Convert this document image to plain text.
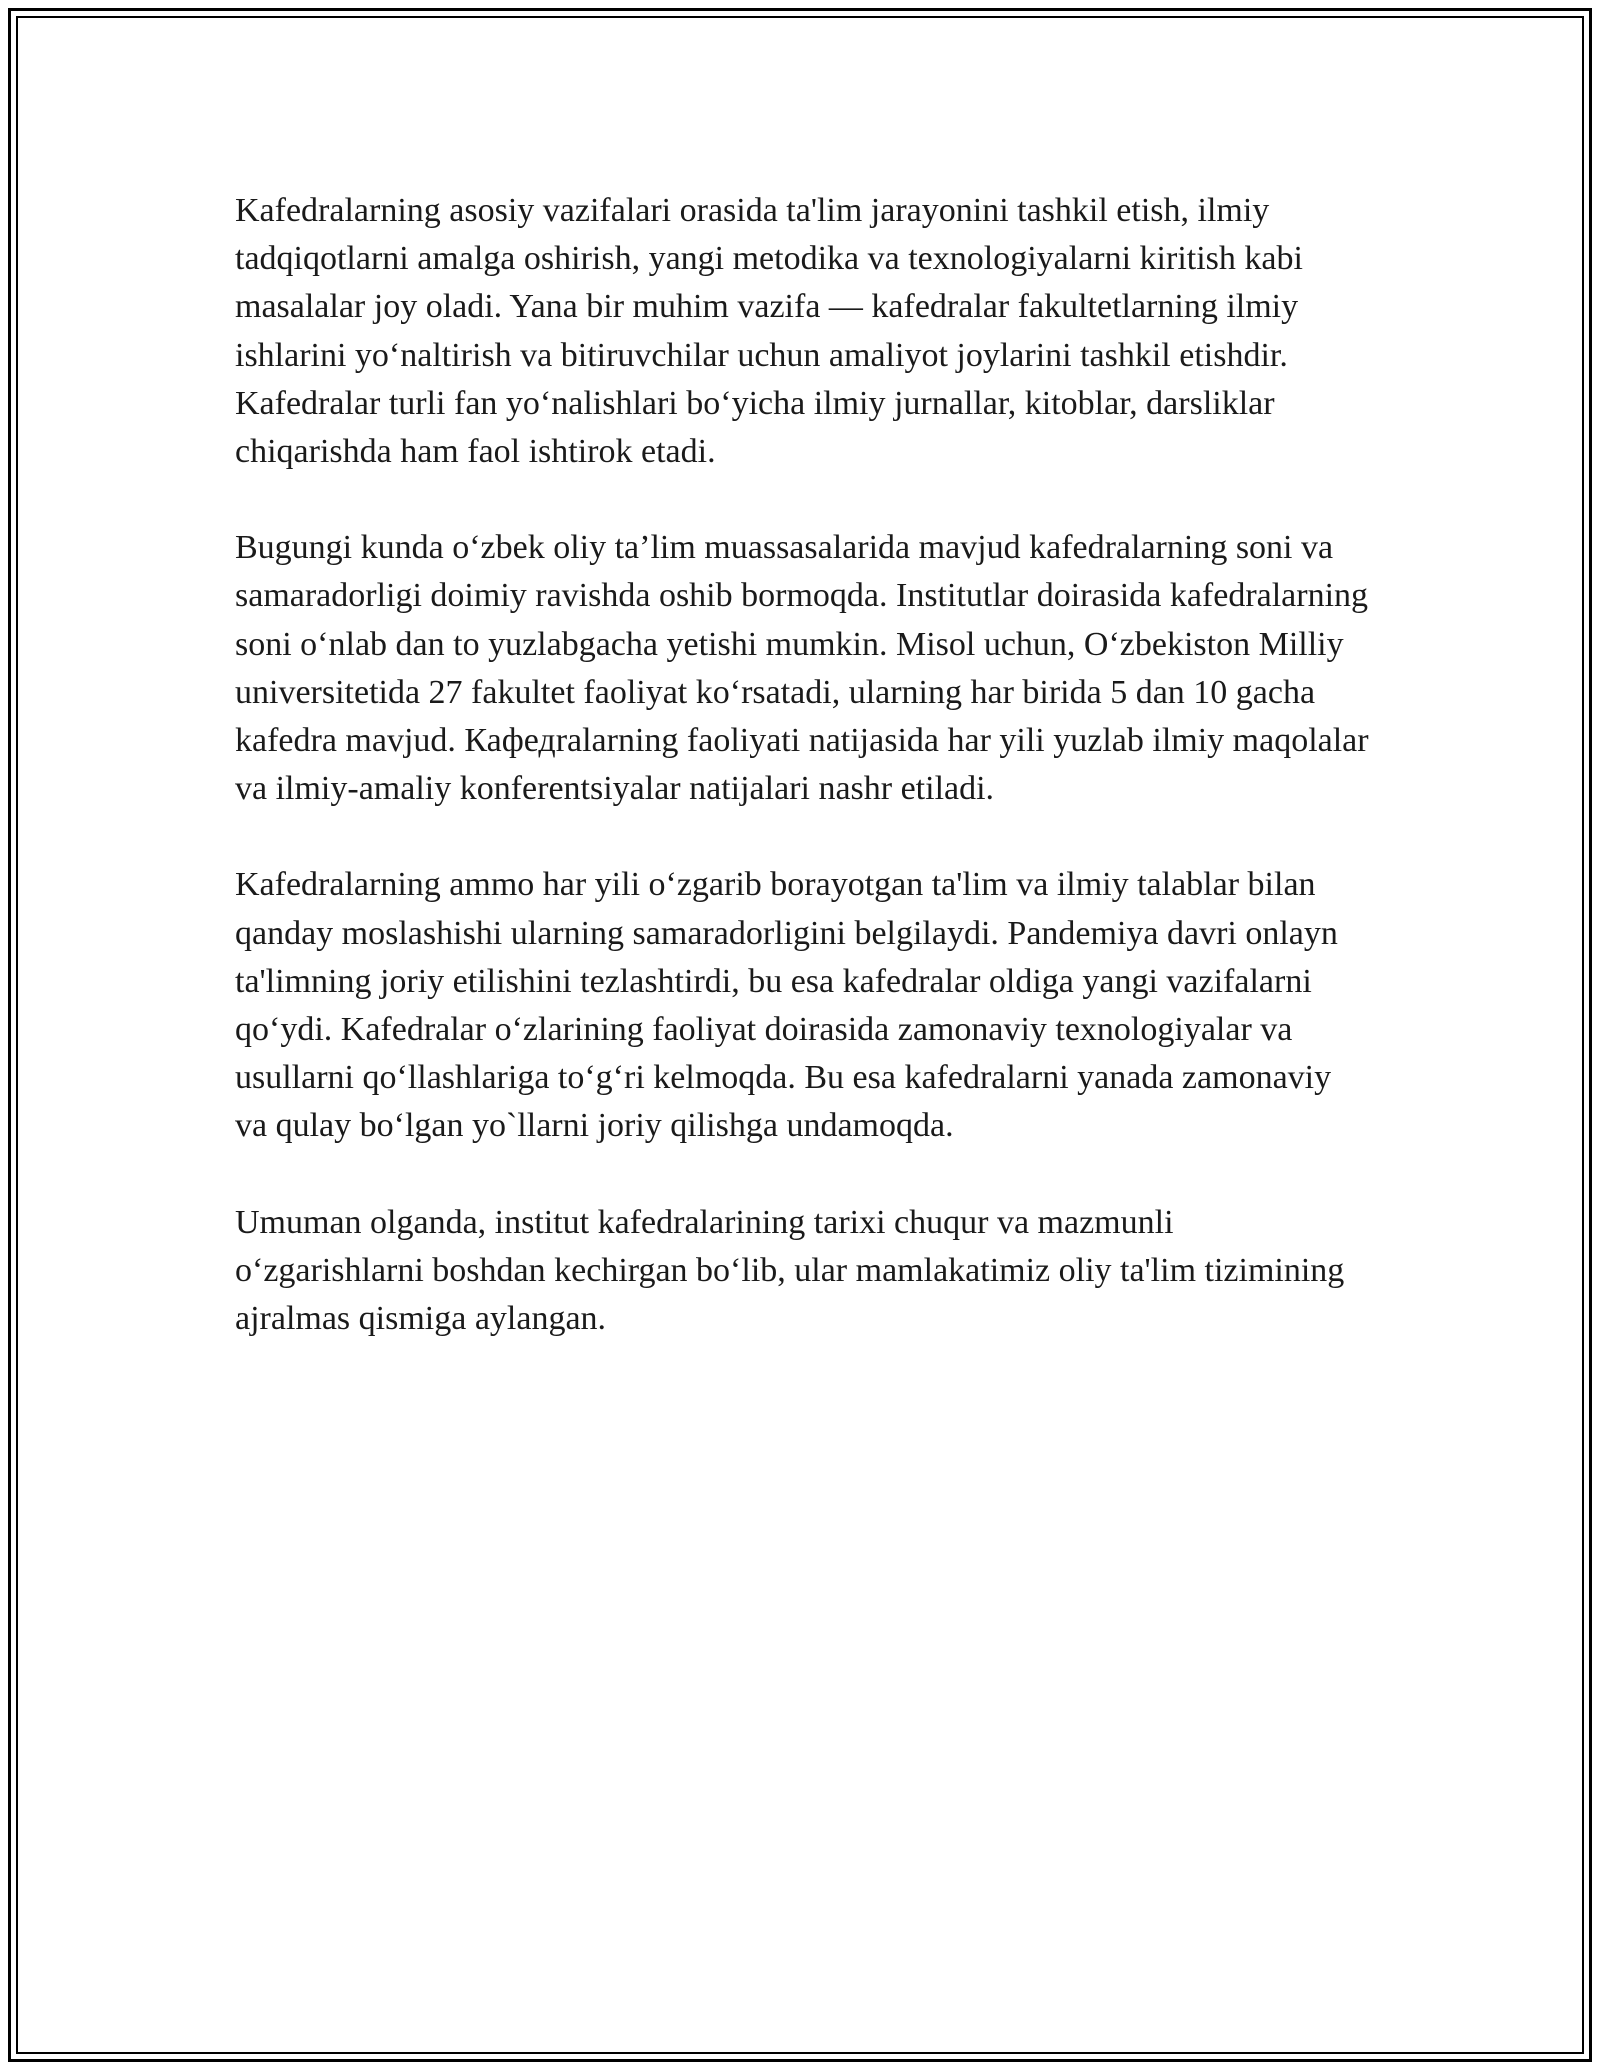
Kafedralarning asosiy vazifalari orasida ta'lim jarayonini tashkil etish, ilmiy tadqiqotlarni amalga oshirish, yangi metodika va texnologiyalarni kiritish kabi masalalar joy oladi. Yana bir muhim vazifa — kafedralar fakultetlarning ilmiy ishlarini yoʻnaltirish va bitiruvchilar uchun amaliyot joylarini tashkil etishdir. Kafedralar turli fan yoʻnalishlari boʻyicha ilmiy jurnallar, kitoblar, darsliklar chiqarishda ham faol ishtirok etadi.

Bugungi kunda oʻzbek oliy ta’lim muassasalarida mavjud kafedralarning soni va samaradorligi doimiy ravishda oshib bormoqda. Institutlar doirasida kafedralarning soni oʻnlab dan to yuzlabgacha yetishi mumkin. Misol uchun, Oʻzbekiston Milliy universitetida 27 fakultet faoliyat koʻrsatadi, ularning har birida 5 dan 10 gacha kafedra mavjud. Кафедralarning faoliyati natijasida har yili yuzlab ilmiy maqolalar va ilmiy-amaliy konferentsiyalar natijalari nashr etiladi.

Kafedralarning ammo har yili oʻzgarib borayotgan ta'lim va ilmiy talablar bilan qanday moslashishi ularning samaradorligini belgilaydi. Pandemiya davri onlayn ta'limning joriy etilishini tezlashtirdi, bu esa kafedralar oldiga yangi vazifalarni qoʻydi. Kafedralar oʻzlarining faoliyat doirasida zamonaviy texnologiyalar va usullarni qoʻllashlariga toʻgʻri kelmoqda. Bu esa kafedralarni yanada zamonaviy va qulay boʻlgan yo`llarni joriy qilishga undamoqda.

Umuman olganda, institut kafedralarining tarixi chuqur va mazmunli oʻzgarishlarni boshdan kechirgan boʻlib, ular mamlakatimiz oliy ta'lim tizimining ajralmas qismiga aylangan.
